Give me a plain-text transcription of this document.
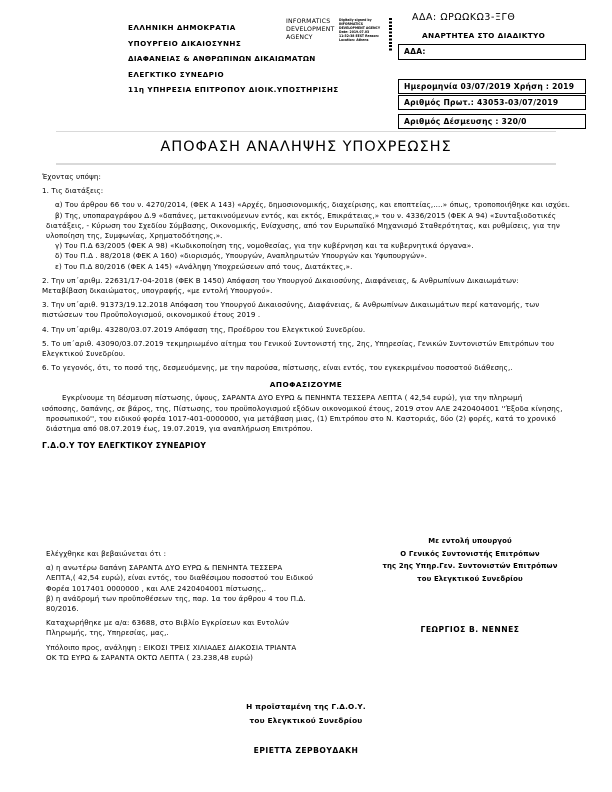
ΕΛΛΗΝΙΚΗ ΔΗΜΟΚΡΑΤΙΑ
ΥΠΟΥΡΓΕΙΟ ΔΙΚΑΙΟΣΥΝΗΣ
ΔΙΑΦΑΝΕΙΑΣ & ΑΝΘΡΩΠΙΝΩΝ ΔΙΚΑΙΩΜΑΤΩΝ
ΕΛΕΓΚΤΙΚΟ ΣΥΝΕΔΡΙΟ
11η ΥΠΗΡΕΣΙΑ ΕΠΙΤΡΟΠΟΥ ΔΙΟΙΚ.ΥΠΟΣΤΗΡΙΣΗΣ
INFORMATICS DEVELOPMENT AGENCY
Digitally signed by INFORMATICS DEVELOPMENT AGENCY Date: 2019.07.03 11:52:38 EEST Reason: Location: Athens
ΑΔΑ: ΩΡΩΩΚΩ3-ΞΓΘ
ΑΝΑΡΤΗΤΕΑ ΣΤΟ ΔΙΑΔΙΚΤΥΟ
ΑΔΑ:
Ημερομηνία 03/07/2019 Χρήση : 2019
Αριθμός Πρωτ.: 43053-03/07/2019
Αριθμός Δέσμευσης : 320/0
ΑΠΟΦΑΣΗ ΑΝΑΛΗΨΗΣ ΥΠΟΧΡΕΩΣΗΣ
Έχοντας υπόψη:
1. Τις διατάξεις:
α) Του άρθρου 66 του ν. 4270/2014, (ΦΕΚ Α 143) «Αρχές, δημοσιονομικής, διαχείρισης, και εποπτείας,....» όπως, τροποποιήθηκε και ισχύει.
β) Της, υποπαραγράφου Δ.9 «δαπάνες, μετακινούμενων εντός, και εκτός, Επικράτειας,» του ν. 4336/2015 (ΦΕΚ Α 94) «Συνταξιοδοτικές
διατάξεις, - Κύρωση του Σχεδίου Σύμβασης, Οικονομικής, Ενίσχυσης, από τον Ευρωπαϊκό Μηχανισμό Σταθερότητας, και ρυθμίσεις, για την
υλοποίηση της, Συμφωνίας, Χρηματοδότησης,».
γ) Του Π.Δ 63/2005 (ΦΕΚ Α 98) «Κωδικοποίηση της, νομοθεσίας, για την κυβέρνηση και τα κυβερνητικά όργανα».
δ) Του Π.Δ . 88/2018 (ΦΕΚ Α 160) «διορισμός, Υπουργών, Αναπληρωτών Υπουργών και Υφυπουργών».
ε) Του Π.Δ 80/2016 (ΦΕΚ Α 145) «Ανάληψη Υποχρεώσεων από τους, Διατάκτες,».
2. Την υπ΄αριθμ. 22631/17-04-2018 (ΦΕΚ Β 1450) Απόφαση του Υπουργού Δικαιοσύνης, Διαφάνειας, & Ανθρωπίνων Δικαιωμάτων:
Μεταβίβαση δικαιώματος, υπογραφής, «με εντολή Υπουργού».
3. Την υπ΄αριθ. 91373/19.12.2018 Απόφαση του Υπουργού Δικαιοσύνης, Διαφάνειας, & Ανθρωπίνων Δικαιωμάτων περί κατανομής, των
πιστώσεων του Προϋπολογισμού, οικονομικού έτους 2019 .
4. Την υπ΄αριθμ. 43280/03.07.2019 Απόφαση της, Προέδρου του Ελεγκτικού Συνεδρίου.
5. Το υπ΄αριθ. 43090/03.07.2019 τεκμηριωμένο αίτημα του Γενικού Συντονιστή της, 2ης, Υπηρεσίας, Γενικών Συντονιστών Επιτρόπων του
Ελεγκτικού Συνεδρίου.
6. Το γεγονός, ότι, το ποσό της, δεσμευόμενης, με την παρούσα, πίστωσης, είναι εντός, του εγκεκριμένου ποσοστού διάθεσης,.
ΑΠΟΦΑΣΙΖΟΥΜΕ
Εγκρίνουμε τη δέσμευση πίστωσης, ύψους, ΣΑΡΑΝΤΑ ΔΥΟ ΕΥΡΩ & ΠΕΝΗΝΤΑ ΤΕΣΣΕΡΑ ΛΕΠΤΑ ( 42,54 ευρώ), για την πληρωμή
ισόποσης, δαπάνης, σε βάρος, της, Πίστωσης, του προϋπολογισμού εξόδων οικονομικού έτους, 2019 στον ΑΛΕ 2420404001 ''Έξοδα κίνησης,
προσωπικού'', του ειδικού φορέα 1017-401-0000000, για μετάβαση μιας, (1) Επιτρόπου στο Ν. Καστοριάς, δύο (2) φορές, κατά το χρονικό
διάστημα από 08.07.2019 έως, 19.07.2019, για αναπλήρωση Επιτρόπου.
Γ.Δ.Ο.Υ ΤΟΥ ΕΛΕΓΚΤΙΚΟΥ ΣΥΝΕΔΡΙΟΥ
Ελέγχθηκε και βεβαιώνεται ότι :
α) η ανωτέρω δαπάνη ΣΑΡΑΝΤΑ ΔΥΟ ΕΥΡΩ & ΠΕΝΗΝΤΑ ΤΕΣΣΕΡΑ
ΛΕΠΤΑ,( 42,54 ευρώ), είναι εντός, του διαθέσιμου ποσοστού του Ειδικού
Φορέα 1017401 0000000 , και ΑΛΕ 2420404001 πίστωσης,.
β) η ανάδρομή των προϋποθέσεων της, παρ. 1α του άρθρου 4 του Π.Δ.
80/2016.
Καταχωρήθηκε με α/α: 63688, στο Βιβλίο Εγκρίσεων και Εντολών
Πληρωμής, της, Υπηρεσίας, μας,.
Υπόλοιπο προς, ανάληψη : ΕΙΚΟΣΙ ΤΡΕΙΣ ΧΙΛΙΑΔΕΣ ΔΙΑΚΟΣΙΑ ΤΡΙΑΝΤΑ
ΟΚ ΤΩ ΕΥΡΩ & ΣΑΡΑΝΤΑ ΟΚΤΩ ΛΕΠΤΑ ( 23.238,48 ευρώ)
Με εντολή υπουργού
Ο Γενικός Συντονιστής Επιτρόπων
της 2ης Υπηρ.Γεν. Συντονιστών Επιτρόπων
του Ελεγκτικού Συνεδρίου
ΓΕΩΡΓΙΟΣ Β. ΝΕΝΝΕΣ
Η προϊσταμένη της Γ.Δ.Ο.Υ.
του Ελεγκτικού Συνεδρίου
ΕΡΙΕΤΤΑ ΖΕΡΒΟΥΔΑΚΗ
